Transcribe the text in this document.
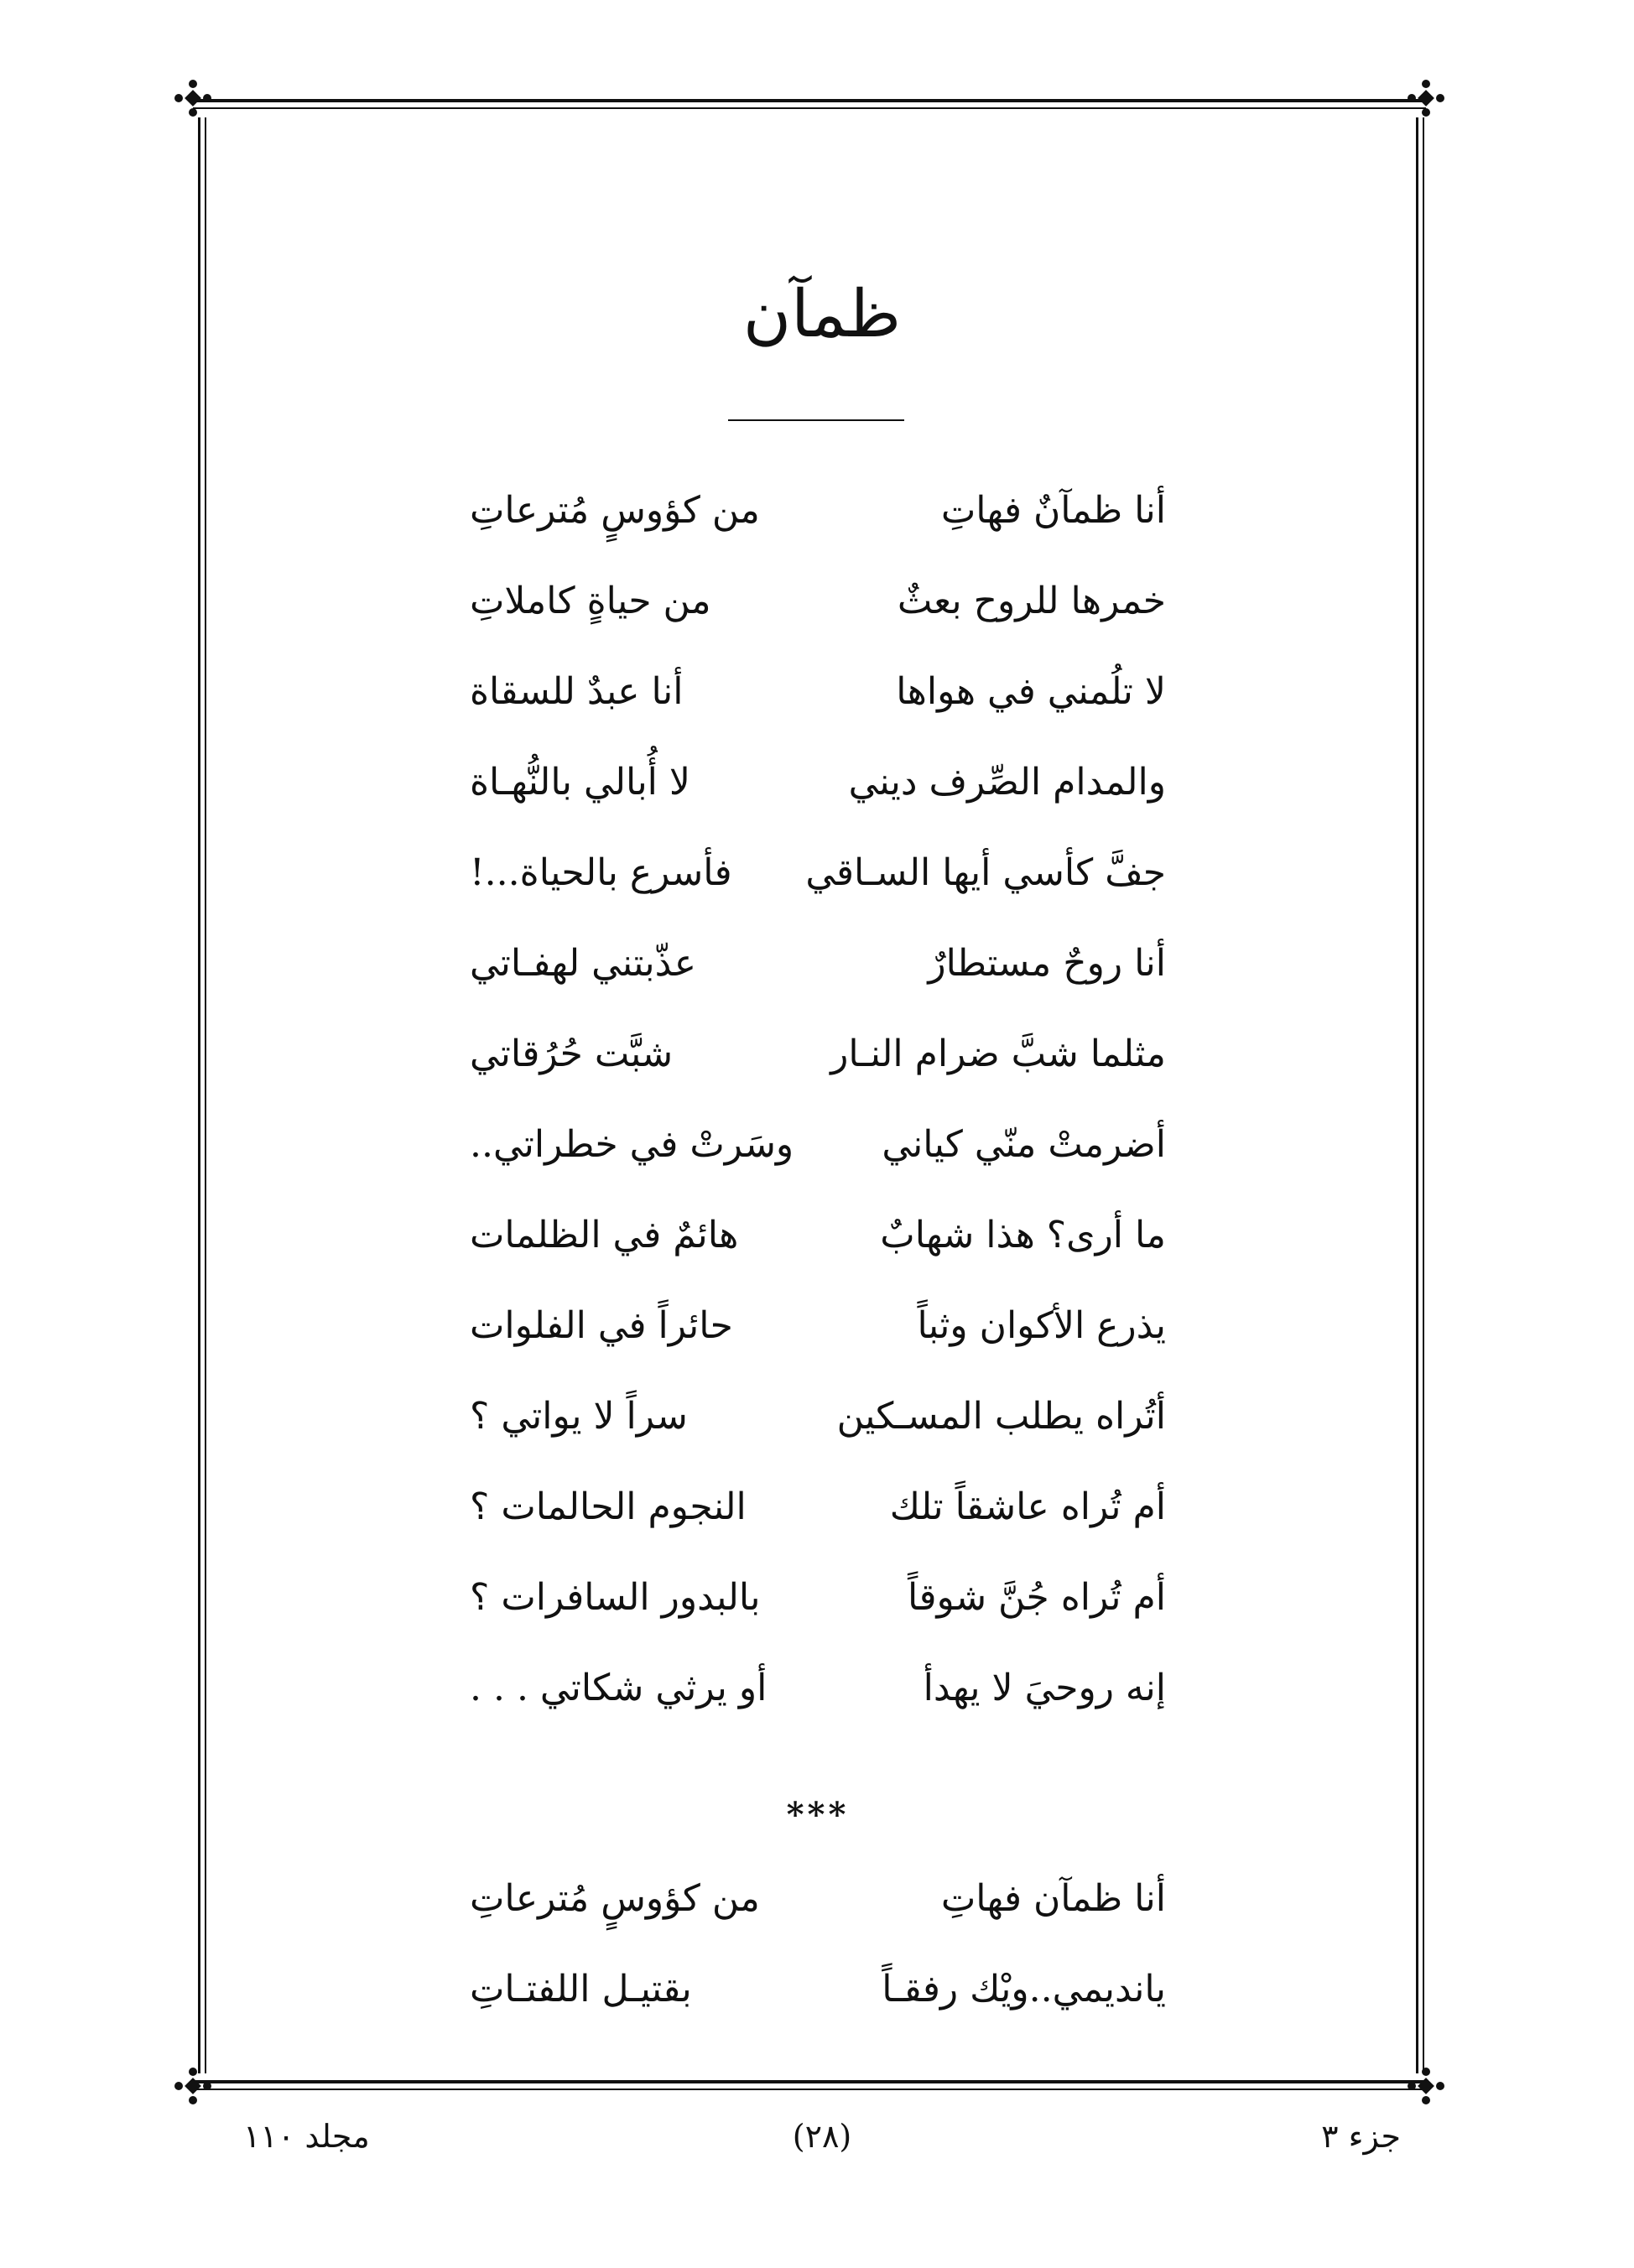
ظمآن
أنا ظمآنٌ فهاتِ
من كؤوسٍ مُترعاتِ
خمرها للروح بعثٌ
من حياةٍ كاملاتِ
لا تلُمني في هواها
أنا عبدٌ للسقاة
والمدام الصِّرف ديني
لا أُبالي بالنُّهـاة
جفَّ كأسي أيها السـاقي
فأسرع بالحياة...!
أنا روحٌ مستطارٌ
عذّبتني لهفـاتي
مثلما شبَّ ضرام النـار
شبَّت حُرُقاتي
أضرمتْ منّي كياني
وسَرتْ في خطراتي..
ما أرى؟ هذا شهابٌ
هائمٌ في الظلمات
يذرع الأكوان وثباً
حائراً في الفلوات
أتُراه يطلب المسـكين
سراً لا يواتي ؟
أم تُراه عاشقاً تلك
النجوم الحالمات ؟
أم تُراه جُنَّ شوقاً
بالبدور السافرات ؟
إنه روحيَ لا يهدأ
أو يرثي شكاتي . . .
***
أنا ظمآن فهاتِ
من كؤوسٍ مُترعاتِ
يانديمي..ويْك رفقـاً
بقتيـل اللفتـاتِ
جزء ٣
(٢٨)
مجلد ١١٠
